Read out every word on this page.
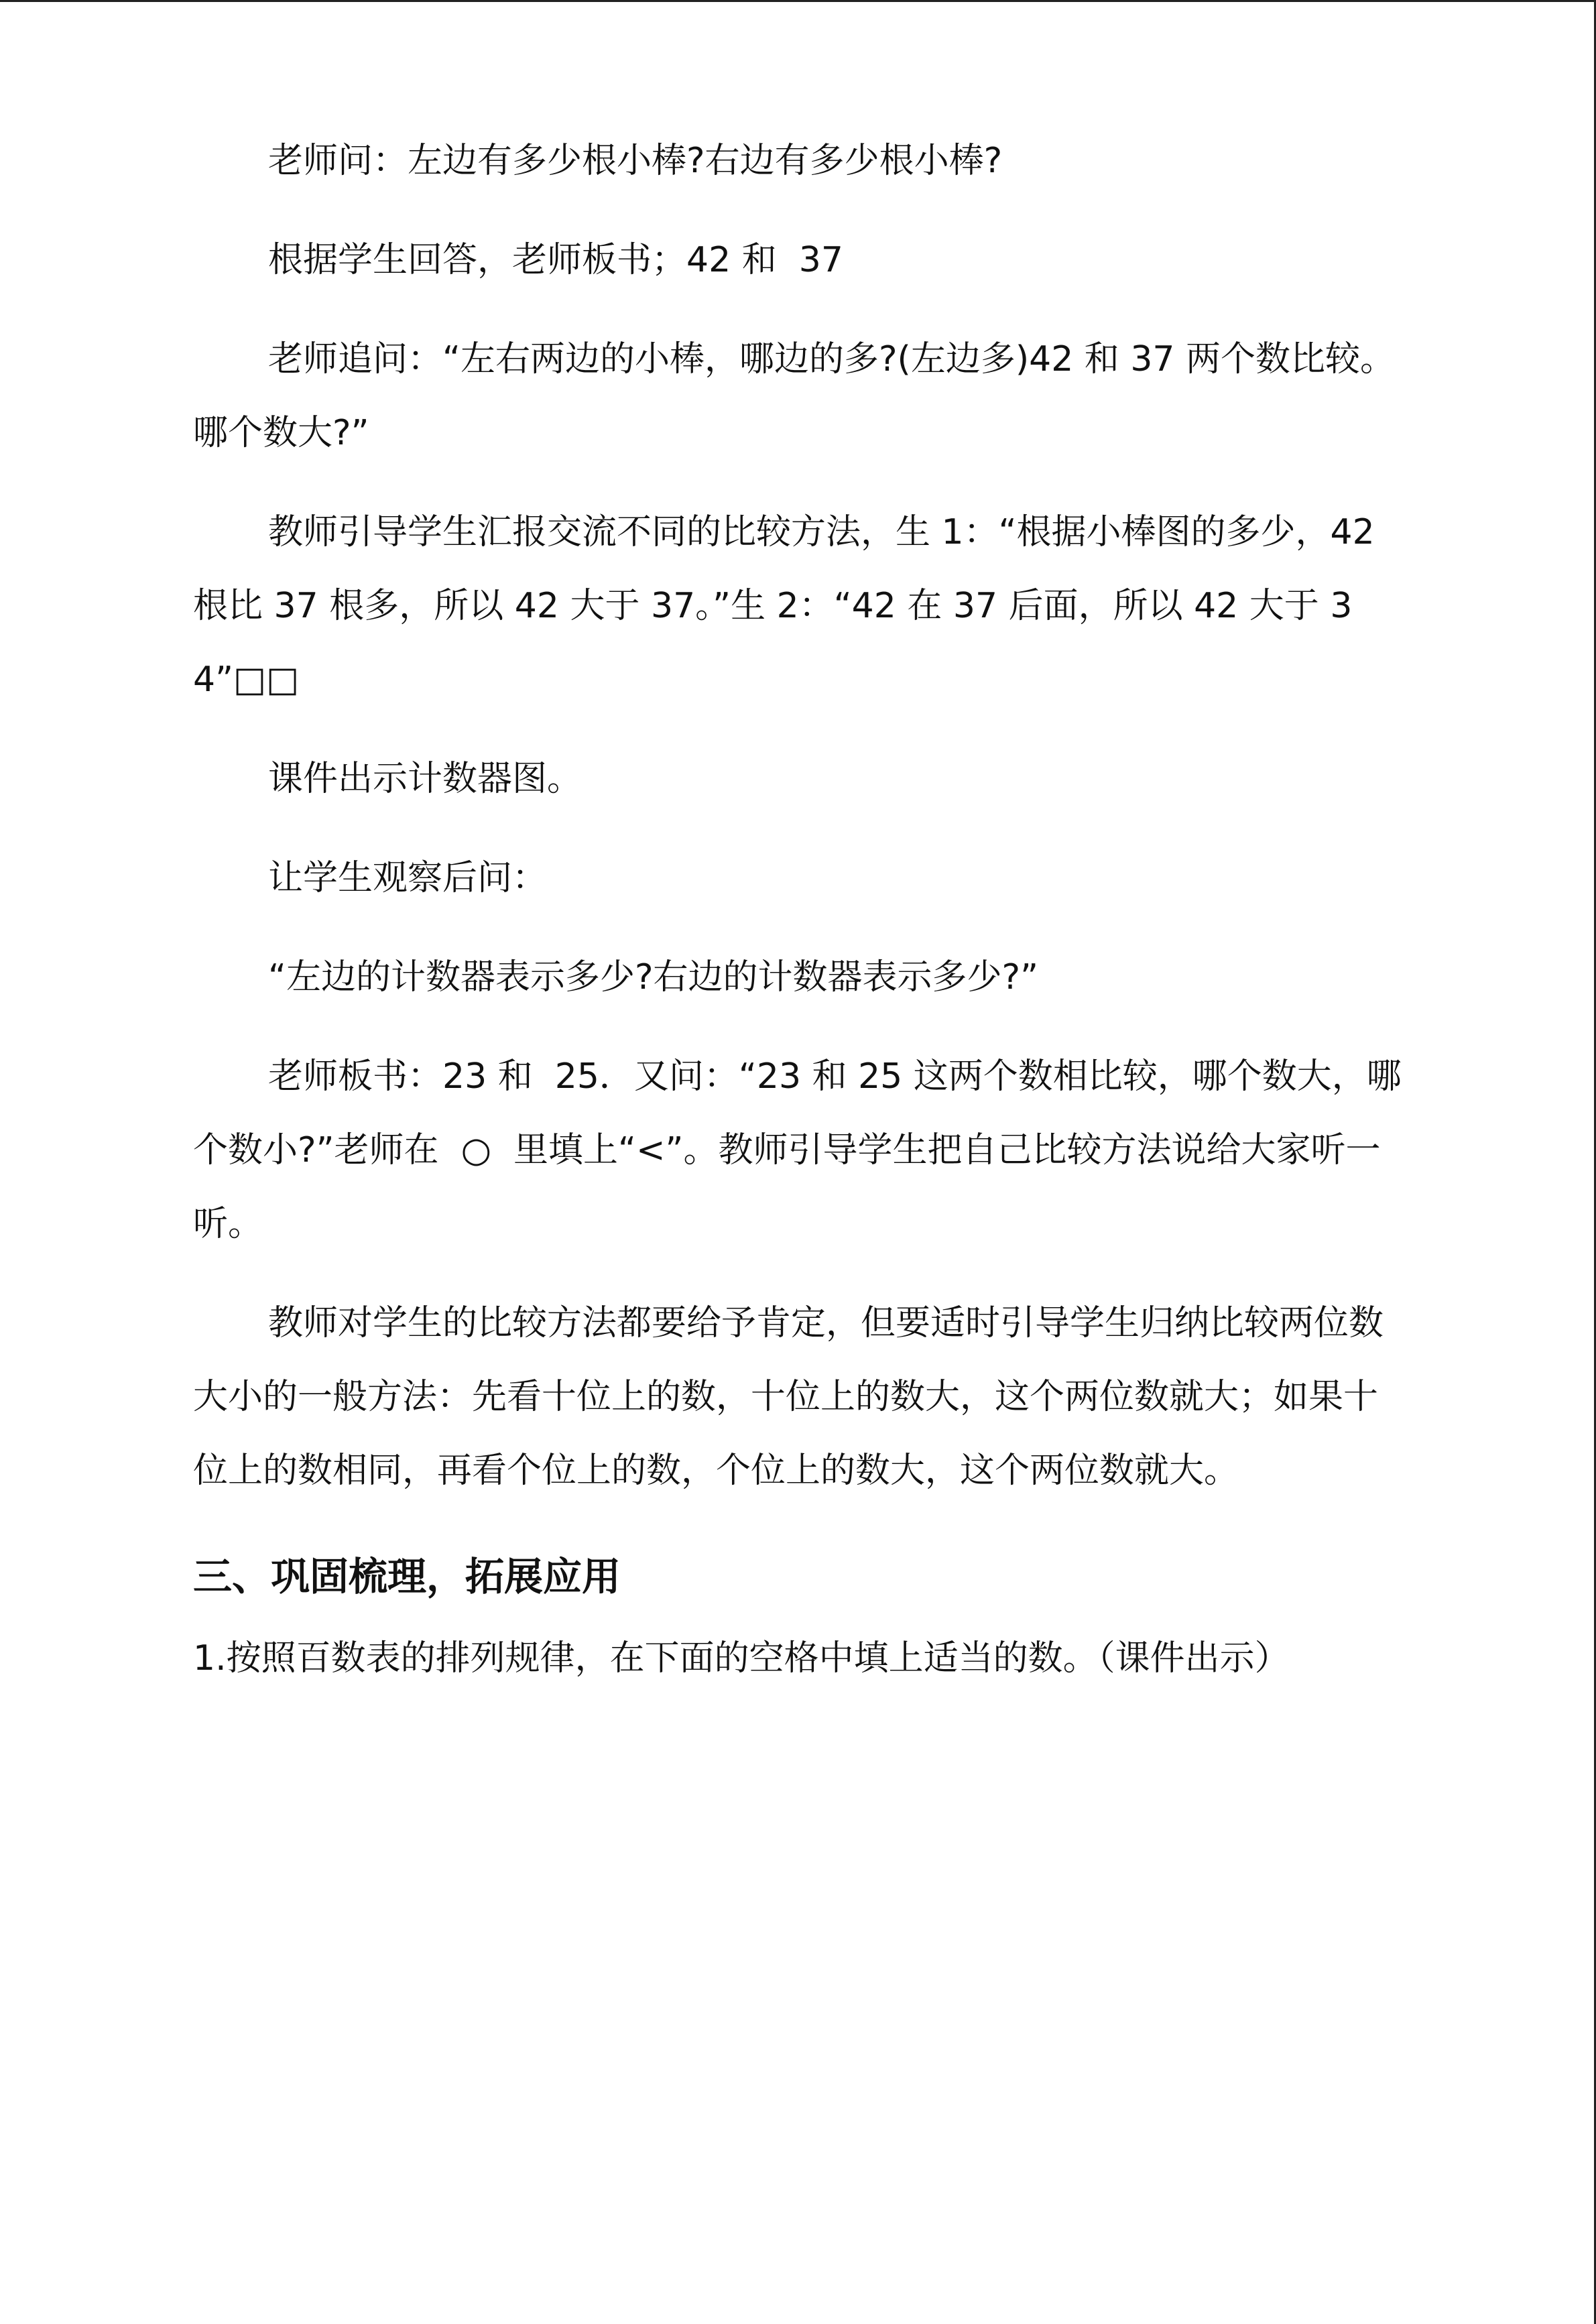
老师问：左边有多少根小棒?右边有多少根小棒?

根据学生回答，老师板书；42 和  37

老师追问：“左右两边的小棒，哪边的多?(左边多)42 和 37 两个数比较。哪个数大?”

教师引导学生汇报交流不同的比较方法，生 1：“根据小棒图的多少，42 根比 37 根多，所以 42 大于 37。”生 2：“42 在 37 后面，所以 42 大于 34”□□

课件出示计数器图。

让学生观察后问：

“左边的计数器表示多少?右边的计数器表示多少?”

老师板书：23 和  25．又问：“23 和 25 这两个数相比较，哪个数大，哪个数小?”老师在  ○  里填上“<”。教师引导学生把自己比较方法说给大家听一听。

教师对学生的比较方法都要给予肯定，但要适时引导学生归纳比较两位数大小的一般方法：先看十位上的数，十位上的数大，这个两位数就大；如果十位上的数相同，再看个位上的数，个位上的数大，这个两位数就大。

三、巩固梳理，拓展应用

1.按照百数表的排列规律，在下面的空格中填上适当的数。（课件出示）
